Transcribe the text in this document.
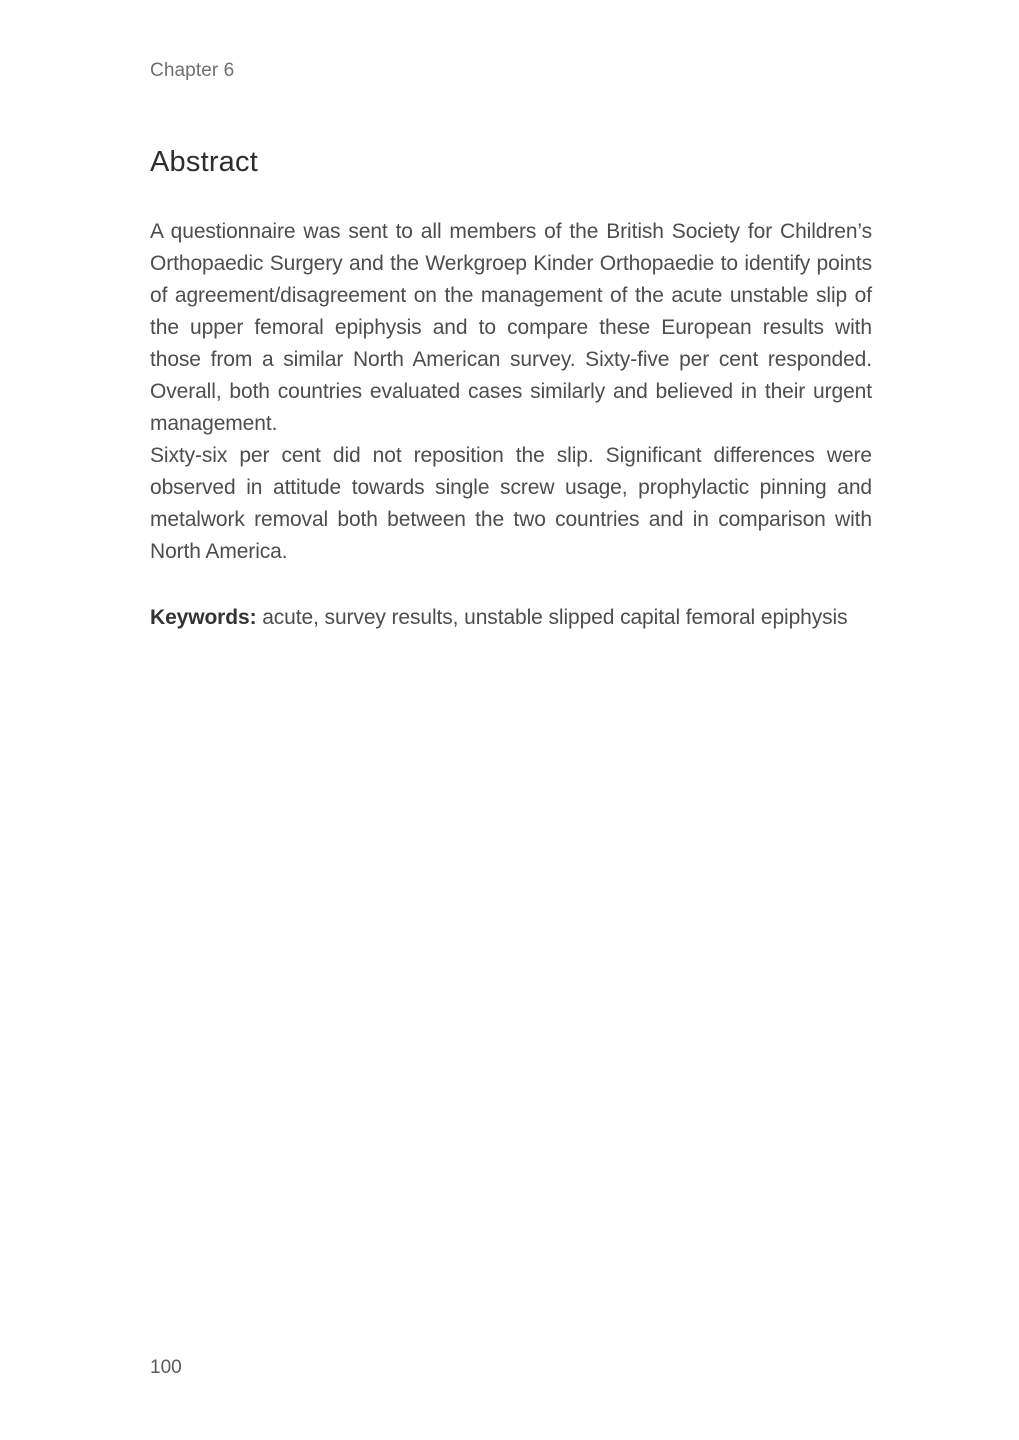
Chapter 6
Abstract

A questionnaire was sent to all members of the British Society for Children’s Orthopaedic Surgery and the Werkgroep Kinder Orthopaedie to identify points of agreement/disagreement on the management of the acute unstable slip of the upper femoral epiphysis and to compare these European results with those from a similar North American survey. Sixty-five per cent responded. Overall, both countries evaluated cases similarly and believed in their urgent management.

Sixty-six per cent did not reposition the slip. Significant differences were observed in attitude towards single screw usage, prophylactic pinning and metalwork removal both between the two countries and in comparison with North America.

Keywords: acute, survey results, unstable slipped capital femoral epiphysis
100
